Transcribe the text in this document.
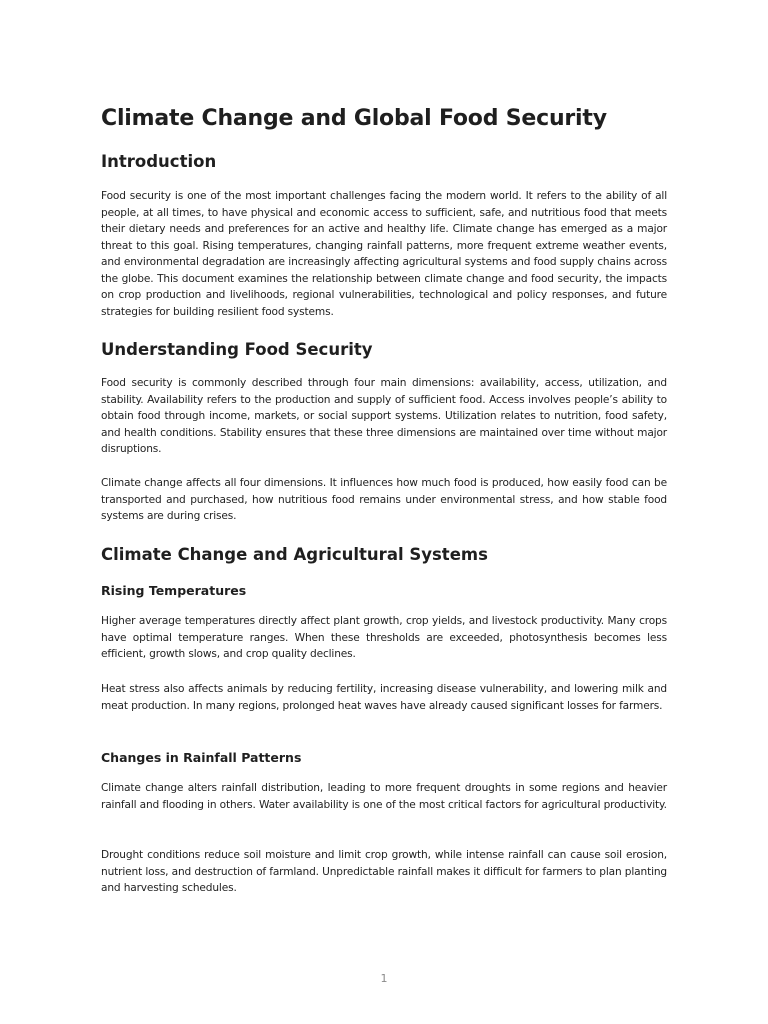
Climate Change and Global Food Security
Introduction

Food security is one of the most important challenges facing the modern world. It refers to the ability of all people, at all times, to have physical and economic access to sufficient, safe, and nutritious food that meets their dietary needs and preferences for an active and healthy life. Climate change has emerged as a major threat to this goal. Rising temperatures, changing rainfall patterns, more frequent extreme weather events, and environmental degradation are increasingly affecting agricultural systems and food supply chains across the globe. This document examines the relationship between climate change and food security, the impacts on crop production and livelihoods, regional vulnerabilities, technological and policy responses, and future strategies for building resilient food systems.

Understanding Food Security

Food security is commonly described through four main dimensions: availability, access, utilization, and stability. Availability refers to the production and supply of sufficient food. Access involves people’s ability to obtain food through income, markets, or social support systems. Utilization relates to nutrition, food safety, and health conditions. Stability ensures that these three dimensions are maintained over time without major disruptions.

Climate change affects all four dimensions. It influences how much food is produced, how easily food can be transported and purchased, how nutritious food remains under environmental stress, and how stable food systems are during crises.

Climate Change and Agricultural Systems
Rising Temperatures

Higher average temperatures directly affect plant growth, crop yields, and livestock productivity. Many crops have optimal temperature ranges. When these thresholds are exceeded, photosynthesis becomes less efficient, growth slows, and crop quality declines.

Heat stress also affects animals by reducing fertility, increasing disease vulnerability, and lowering milk and meat production. In many regions, prolonged heat waves have already caused significant losses for farmers.

Changes in Rainfall Patterns

Climate change alters rainfall distribution, leading to more frequent droughts in some regions and heavier rainfall and flooding in others. Water availability is one of the most critical factors for agricultural productivity.

Drought conditions reduce soil moisture and limit crop growth, while intense rainfall can cause soil erosion, nutrient loss, and destruction of farmland. Unpredictable rainfall makes it difficult for farmers to plan planting and harvesting schedules.

1
